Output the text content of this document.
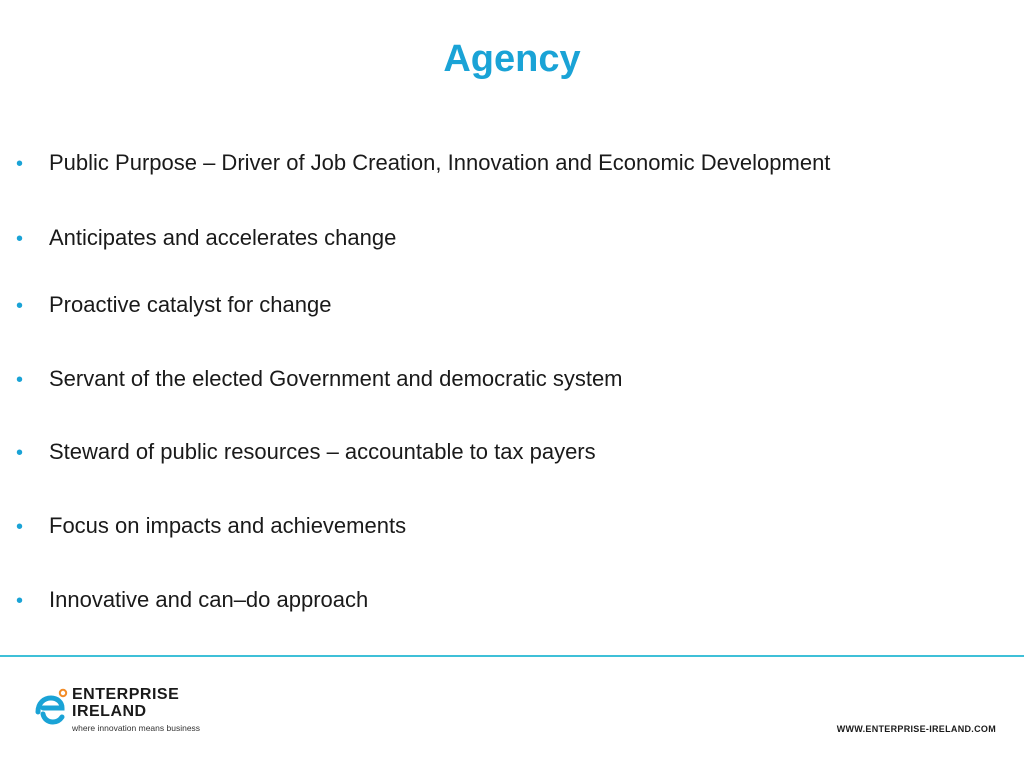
Agency
• Public Purpose – Driver of Job Creation, Innovation and Economic Development
• Anticipates and accelerates change
• Proactive catalyst for change
• Servant of the elected Government and democratic system
• Steward of public resources – accountable to tax payers
• Focus on impacts and achievements
• Innovative and can–do approach
ENTERPRISE
IRELAND
where innovation means business	WWW.ENTERPRISE-IRELAND.COM
